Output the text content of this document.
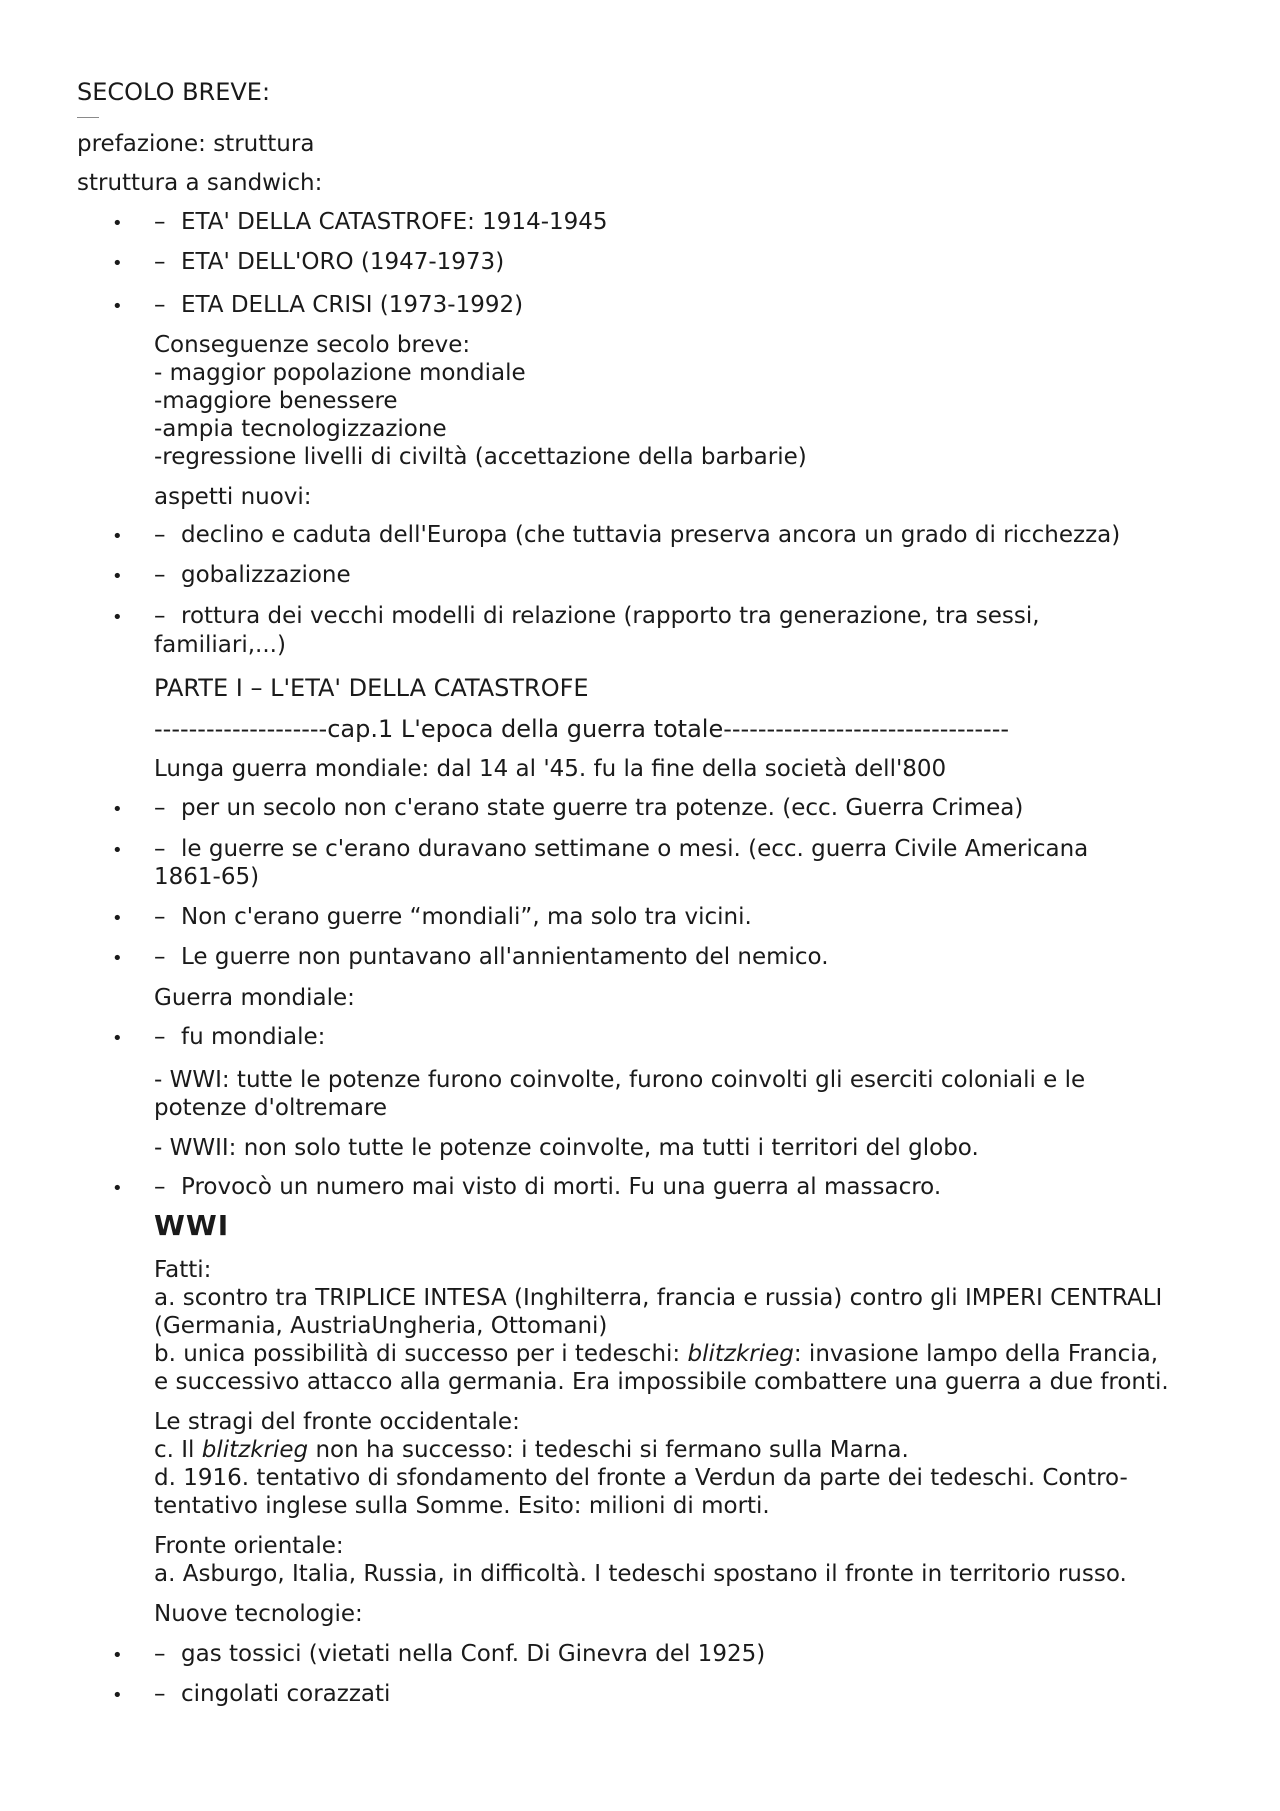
SECOLO BREVE:
prefazione: struttura
struttura a sandwich:
• – ETA' DELLA CATASTROFE: 1914-1945
• – ETA' DELL'ORO (1947-1973)
• – ETA DELLA CRISI (1973-1992)
Conseguenze secolo breve:
- maggior popolazione mondiale
-maggiore benessere
-ampia tecnologizzazione
-regressione livelli di civiltà (accettazione della barbarie)
aspetti nuovi:
• – declino e caduta dell'Europa (che tuttavia preserva ancora un grado di ricchezza)
• – gobalizzazione
• – rottura dei vecchi modelli di relazione (rapporto tra generazione, tra sessi,
familiari,...)
PARTE I – L'ETA' DELLA CATASTROFE
--------------------cap.1 L'epoca della guerra totale---------------------------------
Lunga guerra mondiale: dal 14 al '45. fu la fine della società dell'800
• – per un secolo non c'erano state guerre tra potenze. (ecc. Guerra Crimea)
• – le guerre se c'erano duravano settimane o mesi. (ecc. guerra Civile Americana
1861-65)
• – Non c'erano guerre “mondiali”, ma solo tra vicini.
• – Le guerre non puntavano all'annientamento del nemico.
Guerra mondiale:
• – fu mondiale:
- WWI: tutte le potenze furono coinvolte, furono coinvolti gli eserciti coloniali e le
potenze d'oltremare
- WWII: non solo tutte le potenze coinvolte, ma tutti i territori del globo.
• – Provocò un numero mai visto di morti. Fu una guerra al massacro.
WWI
Fatti:
a. scontro tra TRIPLICE INTESA (Inghilterra, francia e russia) contro gli IMPERI CENTRALI
(Germania, AustriaUngheria, Ottomani)
b. unica possibilità di successo per i tedeschi: blitzkrieg: invasione lampo della Francia,
e successivo attacco alla germania. Era impossibile combattere una guerra a due fronti.
Le stragi del fronte occidentale:
c. Il blitzkrieg non ha successo: i tedeschi si fermano sulla Marna.
d. 1916. tentativo di sfondamento del fronte a Verdun da parte dei tedeschi. Contro-
tentativo inglese sulla Somme. Esito: milioni di morti.
Fronte orientale:
a. Asburgo, Italia, Russia, in difficoltà. I tedeschi spostano il fronte in territorio russo.
Nuove tecnologie:
• – gas tossici (vietati nella Conf. Di Ginevra del 1925)
• – cingolati corazzati
